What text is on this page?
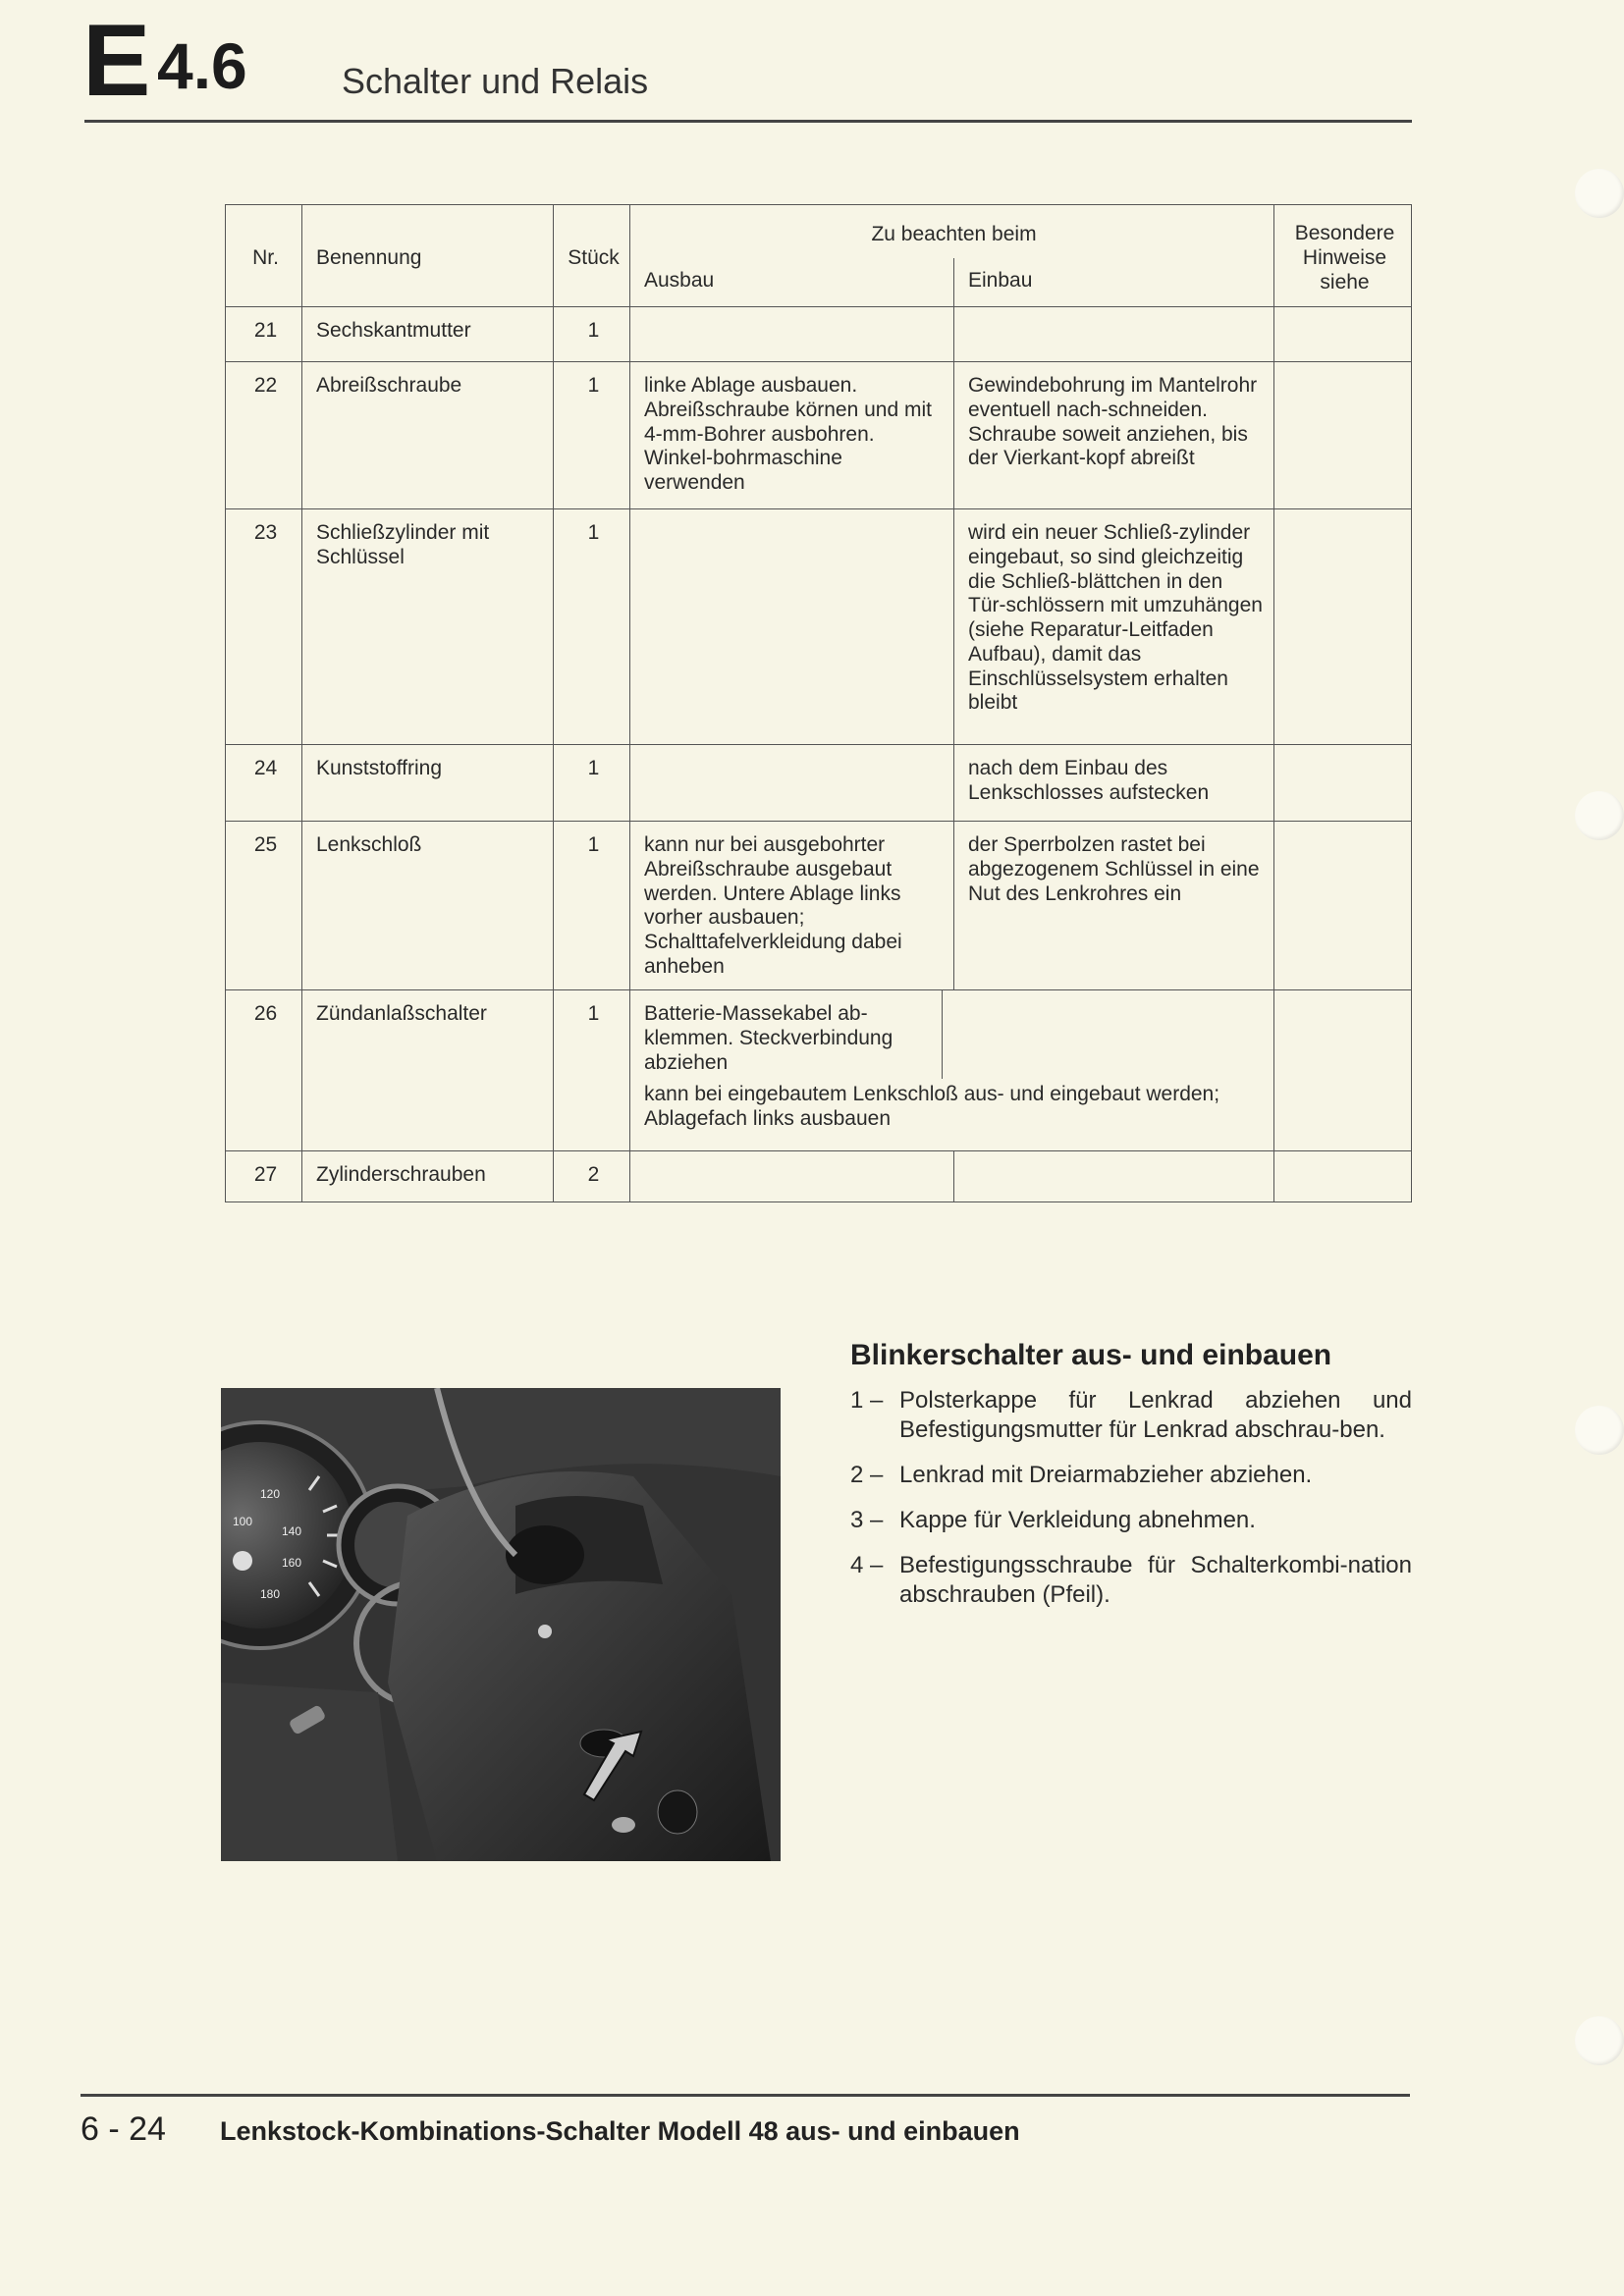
E 4.6	Schalter und Relais
Nr.	Benennung	Stück	Zu beachten beim		Besondere Hinweise siehe
			Ausbau	Einbau	
21	Sechskantmutter	1			
22	Abreißschraube	1	linke Ablage ausbauen. Abreißschraube körnen und mit 4-mm-Bohrer ausbohren. Winkel-bohrmaschine verwenden	Gewindebohrung im Mantelrohr eventuell nach-schneiden. Schraube soweit anziehen, bis der Vierkant-kopf abreißt	
23	Schließzylinder mit Schlüssel	1		wird ein neuer Schließ-zylinder eingebaut, so sind gleichzeitig die Schließ-blättchen in den Tür-schlössern mit umzuhängen (siehe Reparatur-Leitfaden Aufbau), damit das Einschlüsselsystem erhalten bleibt	
24	Kunststoffring	1		nach dem Einbau des Lenkschlosses aufstecken	
25	Lenkschloß	1	kann nur bei ausgebohrter Abreißschraube ausgebaut werden. Untere Ablage links vorher ausbauen; Schalttafelverkleidung dabei anheben	der Sperrbolzen rastet bei abgezogenem Schlüssel in eine Nut des Lenkrohres ein	
26	Zündanlaßschalter	1	Batterie-Massekabel ab-klemmen. Steckverbindung abziehen
kann bei eingebautem Lenkschloß aus- und eingebaut werden; Ablagefach links ausbauen		

27	Zylinderschrauben	2			
100
120
140
160
180
Blinkerschalter aus- und einbauen
1 – Polsterkappe für Lenkrad abziehen und Befestigungsmutter für Lenkrad abschrau-ben.
2 – Lenkrad mit Dreiarmabzieher abziehen.
3 – Kappe für Verkleidung abnehmen.
4 – Befestigungsschraube für Schalterkombi-nation abschrauben (Pfeil).
6 - 24 Lenkstock-Kombinations-Schalter Modell 48 aus- und einbauen
